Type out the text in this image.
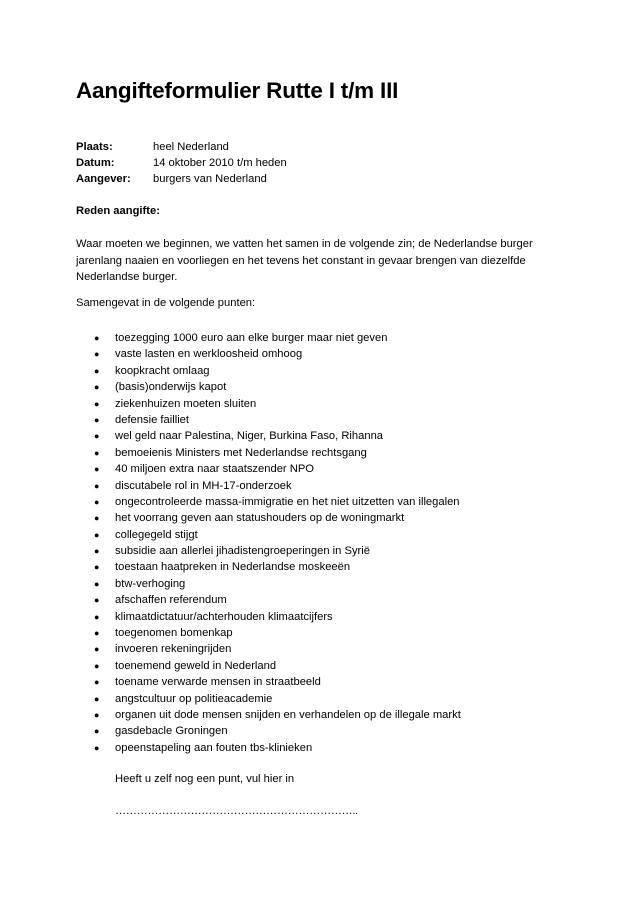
Aangifteformulier Rutte I t/m III
Plaats:	heel Nederland
Datum:	14 oktober 2010 t/m heden
Aangever: burgers van Nederland
Reden aangifte:
Waar moeten we beginnen, we vatten het samen in de volgende zin; de Nederlandse burger jarenlang naaien en voorliegen en het tevens het constant in gevaar brengen van diezelfde Nederlandse burger.
Samengevat in de volgende punten:
● toezegging 1000 euro aan elke burger maar niet geven
● vaste lasten en werkloosheid omhoog
● koopkracht omlaag
● (basis)onderwijs kapot
● ziekenhuizen moeten sluiten
● defensie failliet
● wel geld naar Palestina, Niger, Burkina Faso, Rihanna
● bemoeienis Ministers met Nederlandse rechtsgang
● 40 miljoen extra naar staatszender NPO
● discutabele rol in MH-17-onderzoek
● ongecontroleerde massa-immigratie en het niet uitzetten van illegalen
● het voorrang geven aan statushouders op de woningmarkt
● collegegeld stijgt
● subsidie aan allerlei jihadistengroeperingen in Syrië
● toestaan haatpreken in Nederlandse moskeeën
● btw-verhoging
● afschaffen referendum
● klimaatdictatuur/achterhouden klimaatcijfers
● toegenomen bomenkap
● invoeren rekeningrijden
● toenemend geweld in Nederland
● toename verwarde mensen in straatbeeld
● angstcultuur op politieacademie
● organen uit dode mensen snijden en verhandelen op de illegale markt
● gasdebacle Groningen
● opeenstapeling aan fouten tbs-klinieken
Heeft u zelf nog een punt, vul hier in
…………………………………………………………..
